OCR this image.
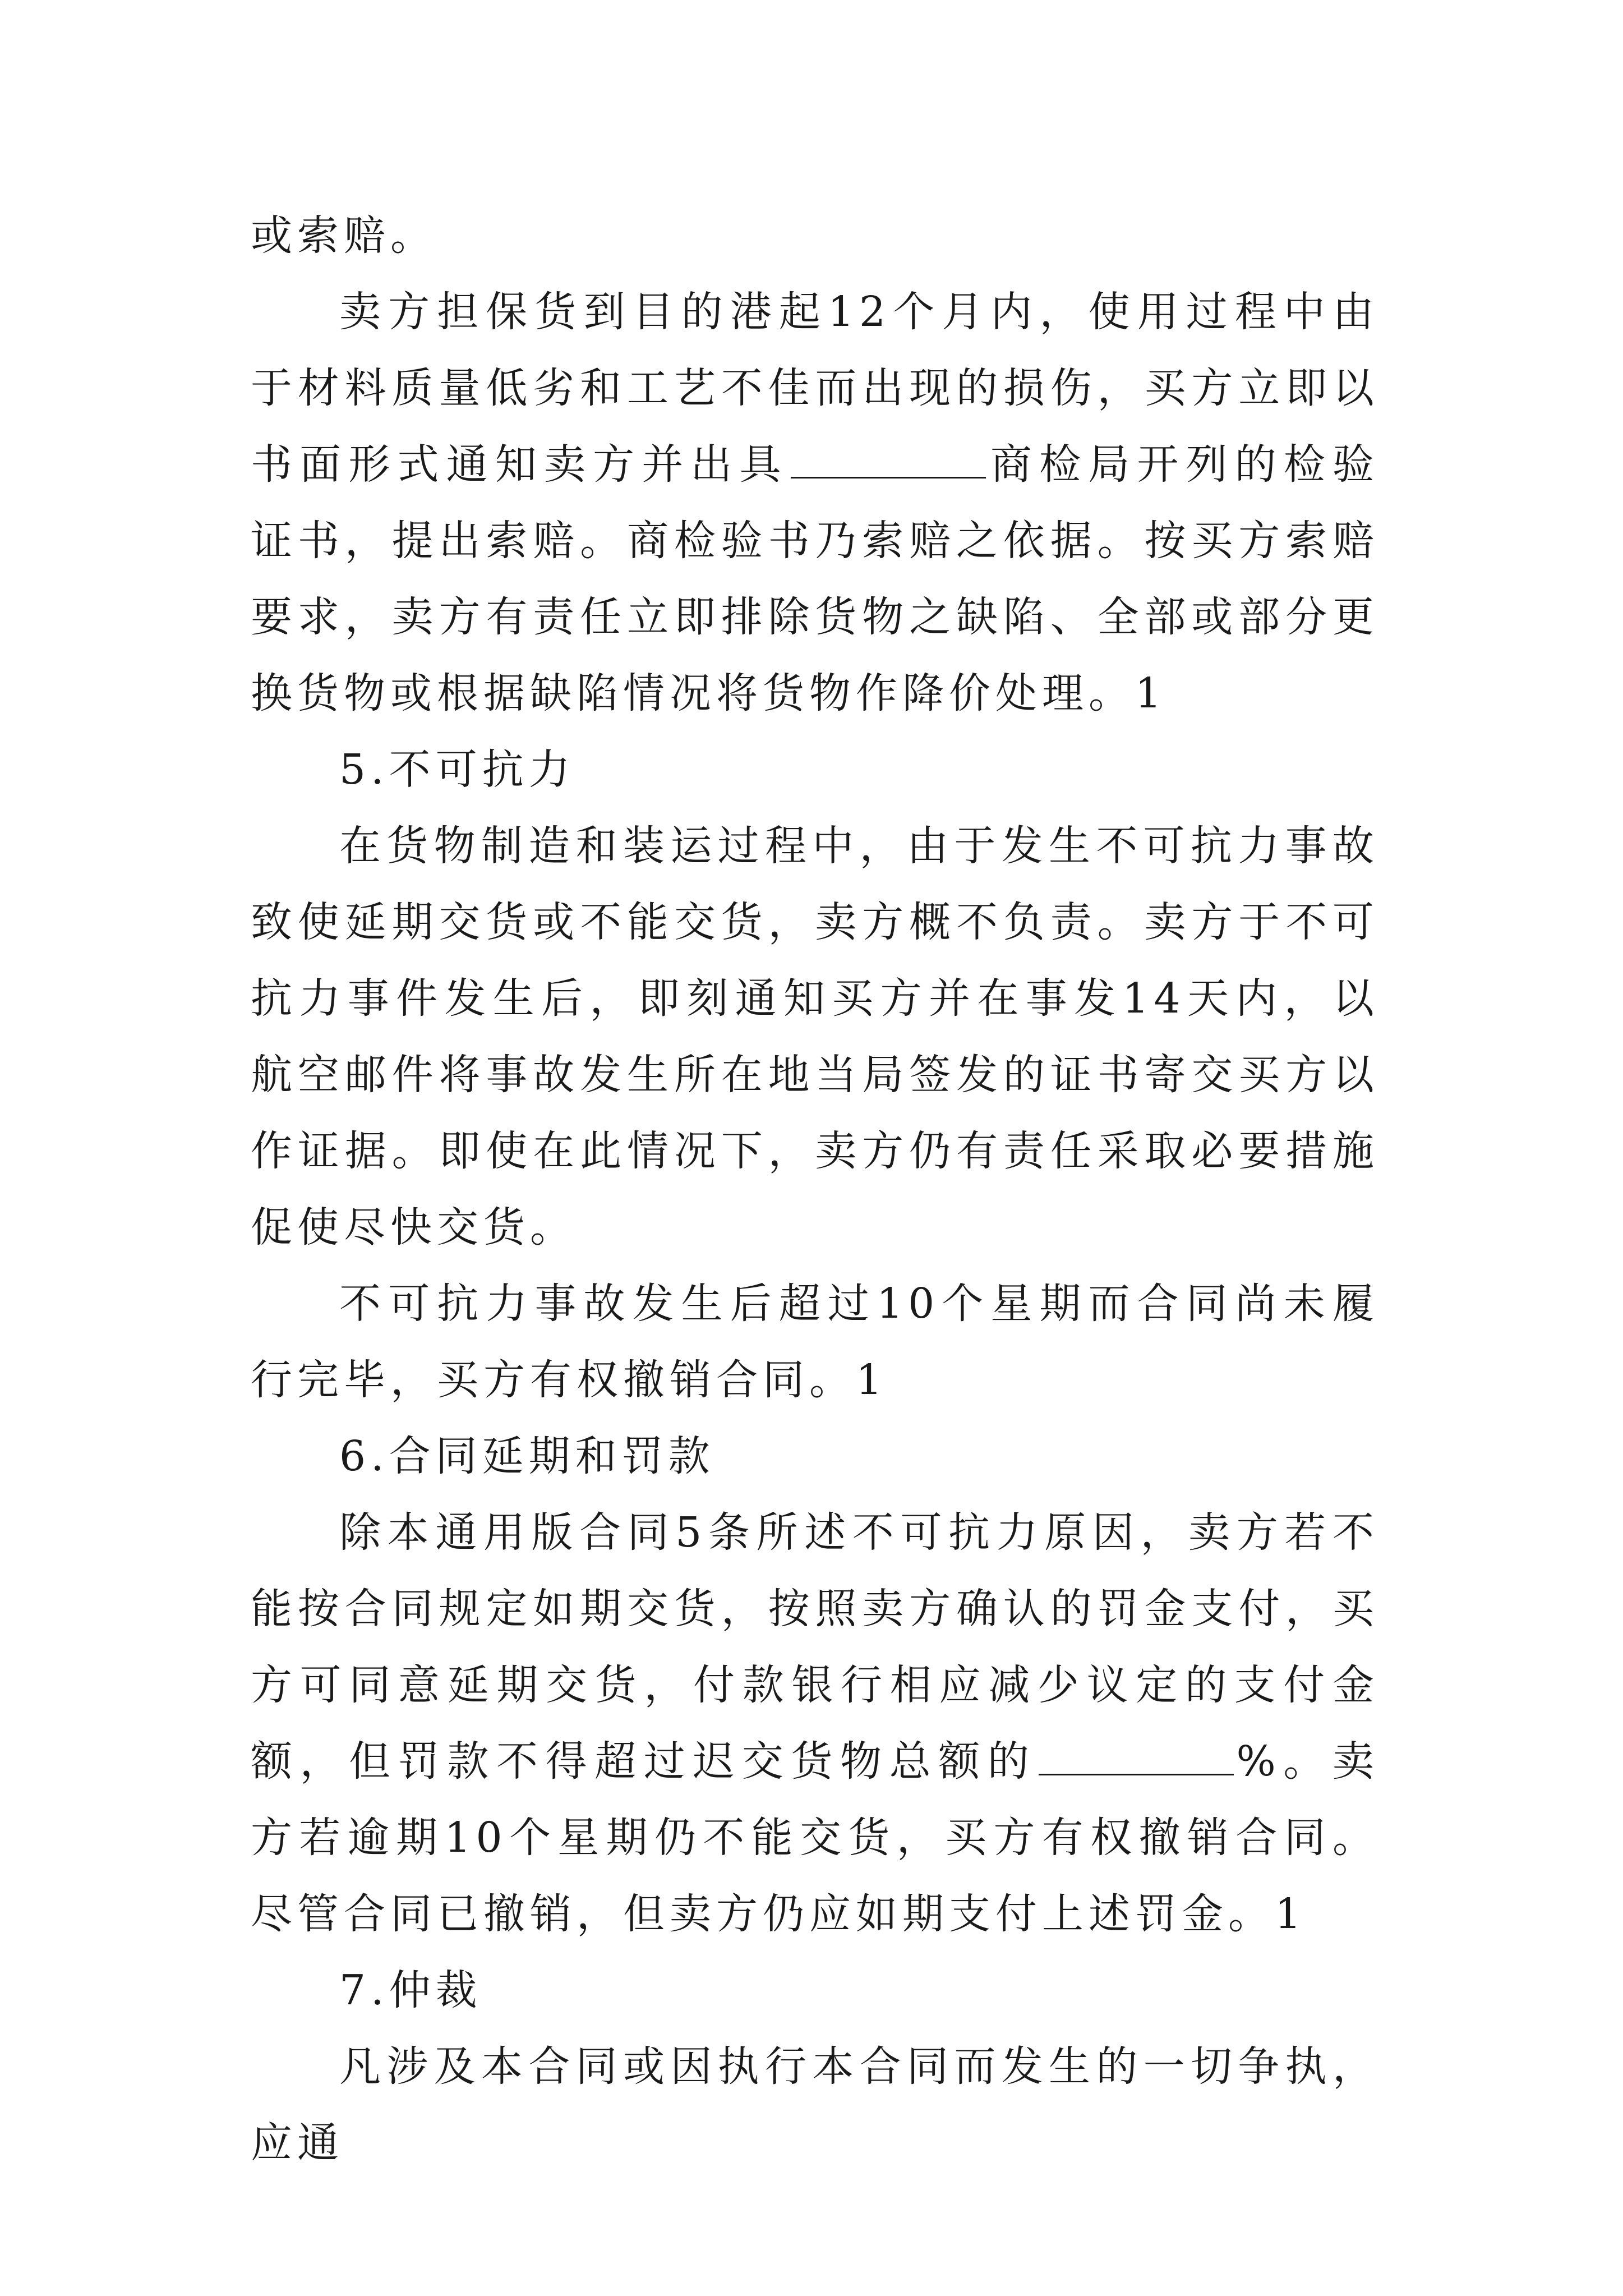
或索赔。

卖方担保货到目的港起12个月内，使用过程中由于材料质量低劣和工艺不佳而出现的损伤，买方立即以书面形式通知卖方并出具	商检局开列的检验证书，提出索赔。商检验书乃索赔之依据。按买方索赔要求，卖方有责任立即排除货物之缺陷、全部或部分更换货物或根据缺陷情况将货物作降价处理。1

5.不可抗力

在货物制造和装运过程中，由于发生不可抗力事故致使延期交货或不能交货，卖方概不负责。卖方于不可抗力事件发生后，即刻通知买方并在事发14天内，以航空邮件将事故发生所在地当局签发的证书寄交买方以作证据。即使在此情况下，卖方仍有责任采取必要措施促使尽快交货。

不可抗力事故发生后超过10个星期而合同尚未履行完毕，买方有权撤销合同。1

6.合同延期和罚款

除本通用版合同5条所述不可抗力原因，卖方若不能按合同规定如期交货，按照卖方确认的罚金支付，买方可同意延期交货，付款银行相应减少议定的支付金额，但罚款不得超过迟交货物总额的	%。卖方若逾期10个星期仍不能交货，买方有权撤销合同。尽管合同已撤销，但卖方仍应如期支付上述罚金。1

7.仲裁

凡涉及本合同或因执行本合同而发生的一切争执，应通
